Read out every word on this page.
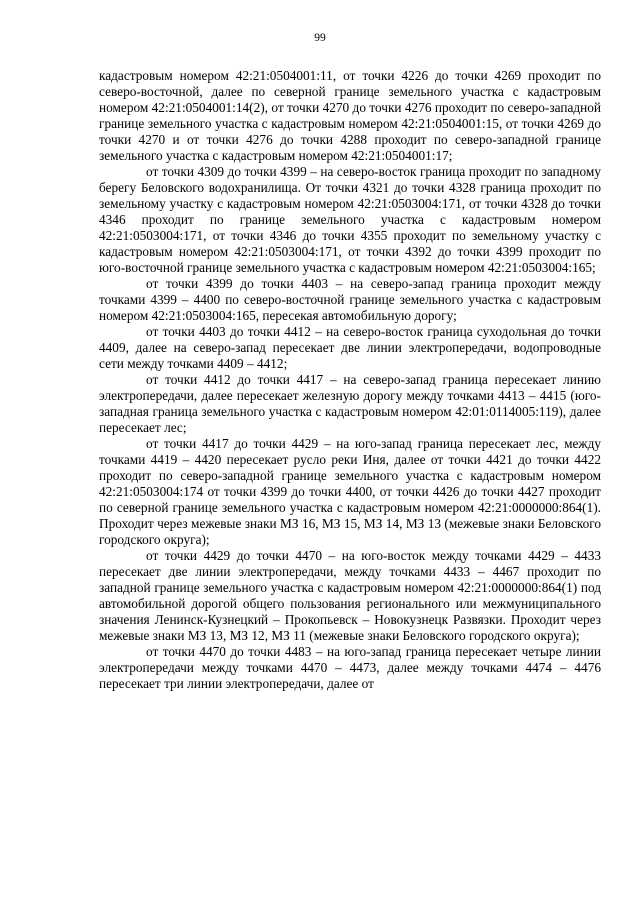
99

кадастровым номером 42:21:0504001:11, от точки 4226 до точки 4269 проходит по северо-восточной, далее по северной границе земельного участка с кадастровым номером 42:21:0504001:14(2), от точки 4270 до точки 4276 проходит по северо-западной границе земельного участка с кадастровым номером 42:21:0504001:15, от точки 4269 до точки 4270 и от точки 4276 до точки 4288 проходит по северо-западной границе земельного участка с кадастровым номером 42:21:0504001:17;

от точки 4309 до точки 4399 – на северо-восток граница проходит по западному берегу Беловского водохранилища. От точки 4321 до точки 4328 граница проходит по земельному участку с кадастровым номером 42:21:0503004:171, от точки 4328 до точки 4346 проходит по границе земельного участка с кадастровым номером 42:21:0503004:171, от точки 4346 до точки 4355 проходит по земельному участку с кадастровым номером 42:21:0503004:171, от точки 4392 до точки 4399 проходит по юго-восточной границе земельного участка с кадастровым номером 42:21:0503004:165;

от точки 4399 до точки 4403 – на северо-запад граница проходит между точками 4399 – 4400 по северо-восточной границе земельного участка с кадастровым номером 42:21:0503004:165, пересекая автомобильную дорогу;

от точки 4403 до точки 4412 – на северо-восток граница суходольная до точки 4409, далее на северо-запад пересекает две линии электропередачи, водопроводные сети между точками 4409 – 4412;

от точки 4412 до точки 4417 – на северо-запад граница пересекает линию электропередачи, далее пересекает железную дорогу между точками 4413 – 4415 (юго-западная граница земельного участка с кадастровым номером 42:01:0114005:119), далее пересекает лес;

от точки 4417 до точки 4429 – на юго-запад граница пересекает лес, между точками 4419 – 4420 пересекает русло реки Иня, далее от точки 4421 до точки 4422 проходит по северо-западной границе земельного участка с кадастровым номером 42:21:0503004:174 от точки 4399 до точки 4400, от точки 4426 до точки 4427 проходит по северной границе земельного участка с кадастровым номером 42:21:0000000:864(1). Проходит через межевые знаки МЗ 16, МЗ 15, МЗ 14, МЗ 13 (межевые знаки Беловского городского округа);

от точки 4429 до точки 4470 – на юго-восток между точками 4429 – 4433 пересекает две линии электропередачи, между точками 4433 – 4467 проходит по западной границе земельного участка с кадастровым номером 42:21:0000000:864(1) под автомобильной дорогой общего пользования регионального или межмуниципального значения Ленинск-Кузнецкий – Прокопьевск – Новокузнецк Развязки. Проходит через межевые знаки МЗ 13, МЗ 12, МЗ 11 (межевые знаки Беловского городского округа);

от точки 4470 до точки 4483 – на юго-запад граница пересекает четыре линии электропередачи между точками 4470 – 4473, далее между точками 4474 – 4476 пересекает три линии электропередачи, далее от
